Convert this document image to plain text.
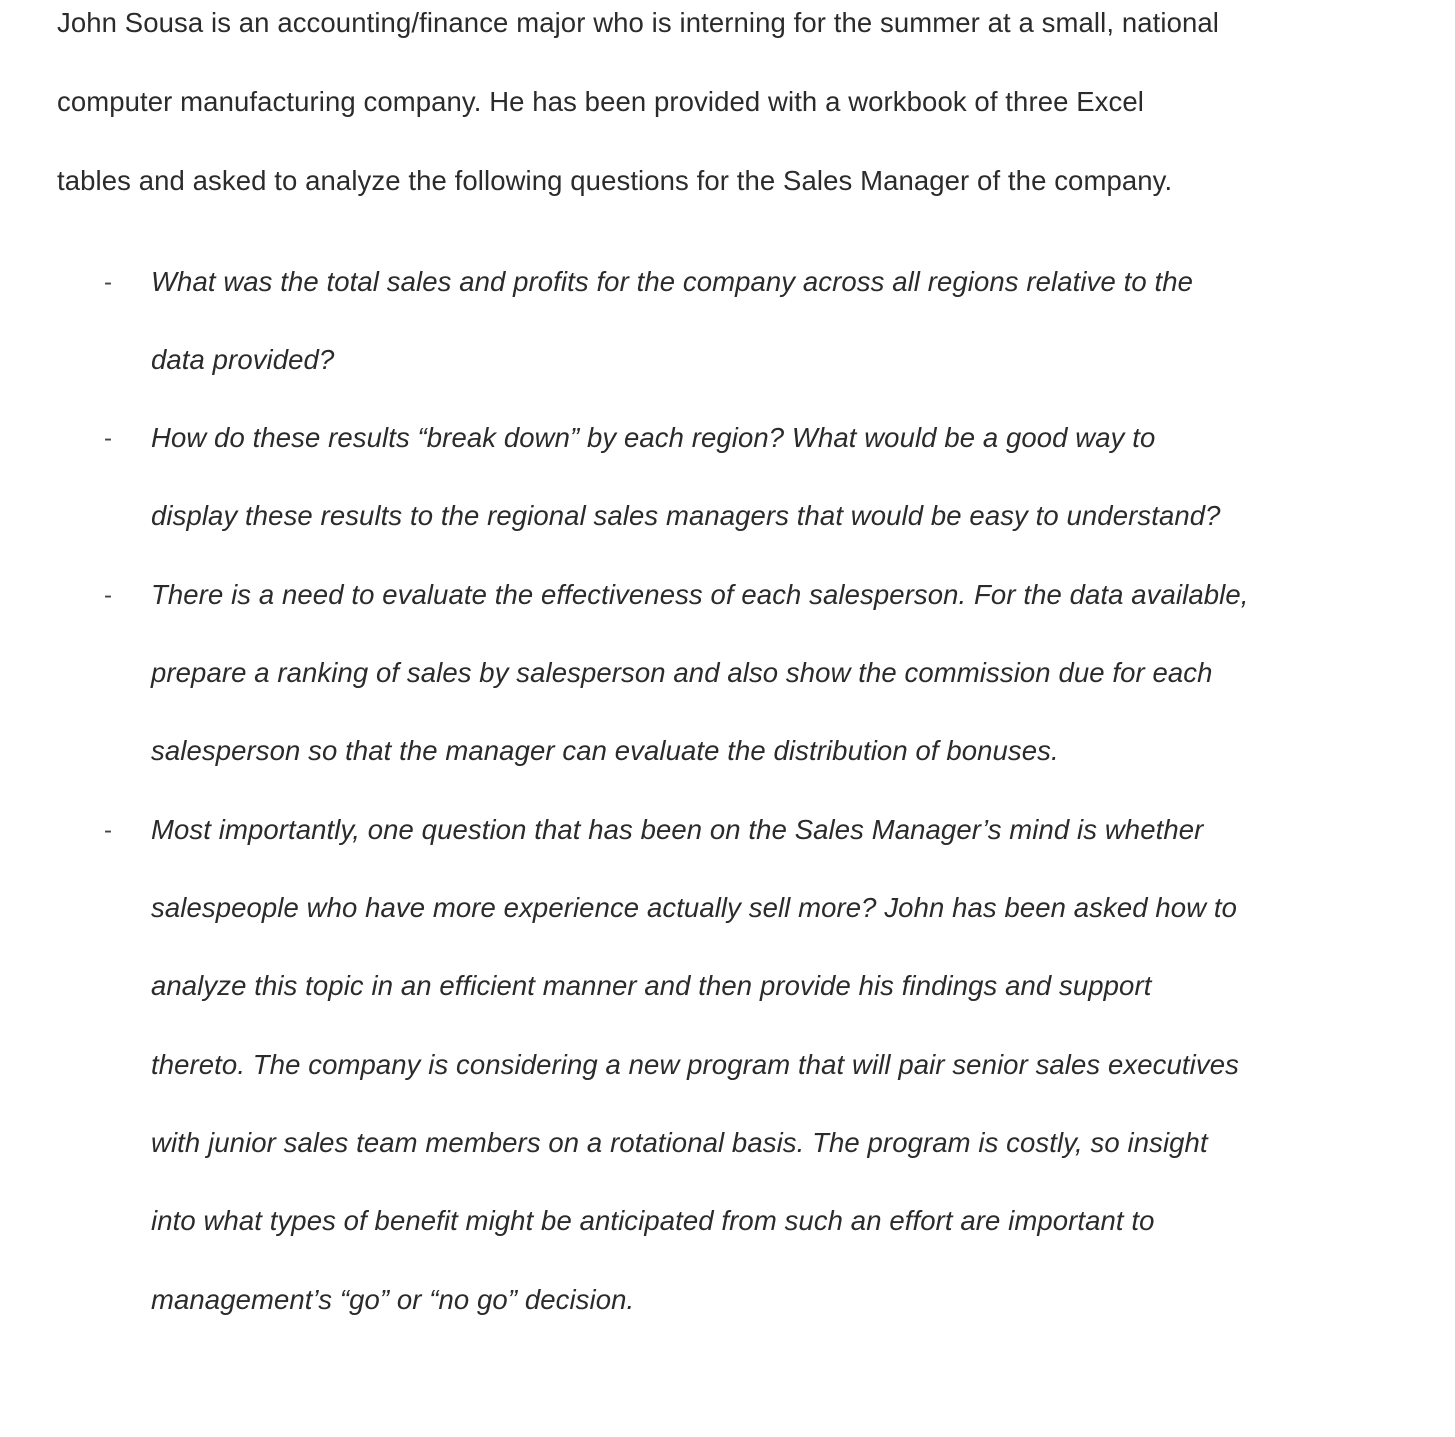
John Sousa is an accounting/finance major who is interning for the summer at a small, national
computer manufacturing company. He has been provided with a workbook of three Excel
tables and asked to analyze the following questions for the Sales Manager of the company.
- What was the total sales and profits for the company across all regions relative to the
data provided?
- How do these results “break down” by each region? What would be a good way to
display these results to the regional sales managers that would be easy to understand?
- There is a need to evaluate the effectiveness of each salesperson. For the data available,
prepare a ranking of sales by salesperson and also show the commission due for each
salesperson so that the manager can evaluate the distribution of bonuses.
- Most importantly, one question that has been on the Sales Manager’s mind is whether
salespeople who have more experience actually sell more? John has been asked how to
analyze this topic in an efficient manner and then provide his findings and support
thereto. The company is considering a new program that will pair senior sales executives
with junior sales team members on a rotational basis. The program is costly, so insight
into what types of benefit might be anticipated from such an effort are important to
management’s “go” or “no go” decision.
